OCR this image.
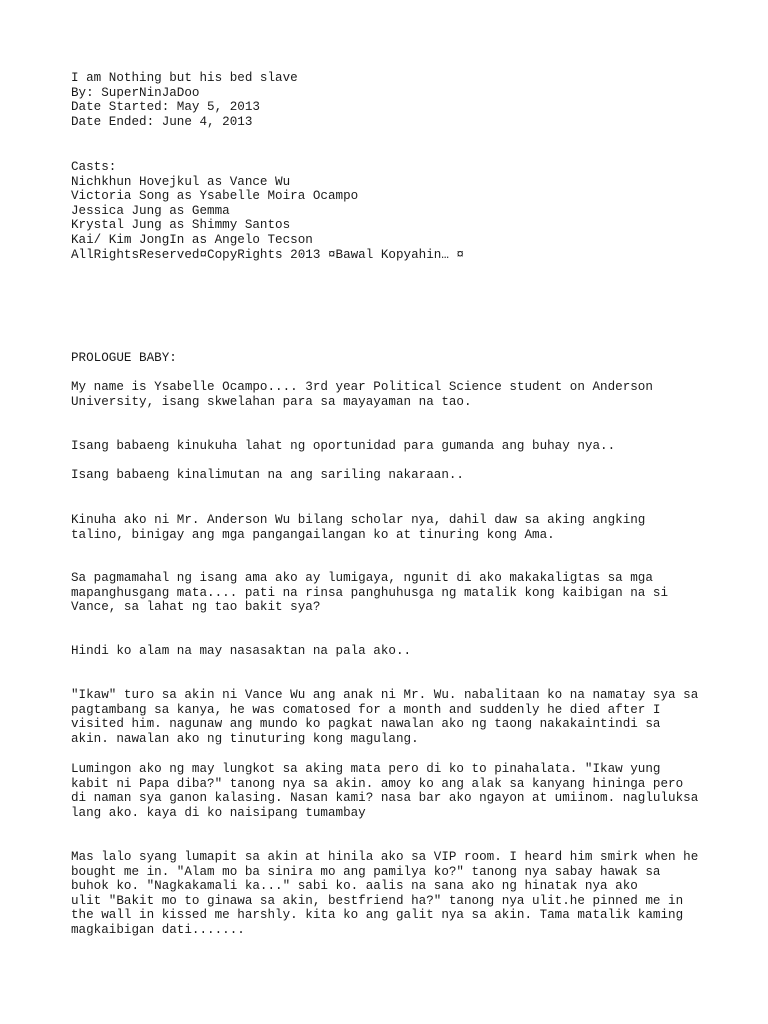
I am Nothing but his bed slave
By: SuperNinJaDoo
Date Started: May 5, 2013
Date Ended: June 4, 2013
Casts:
Nichkhun Hovejkul as Vance Wu
Victoria Song as Ysabelle Moira Ocampo
Jessica Jung as Gemma
Krystal Jung as Shimmy Santos
Kai/ Kim JongIn as Angelo Tecson
AllRightsReserved¤CopyRights 2013 ¤Bawal Kopyahin… ¤
PROLOGUE BABY:
My name is Ysabelle Ocampo.... 3rd year Political Science student on Anderson
University, isang skwelahan para sa mayayaman na tao.
Isang babaeng kinukuha lahat ng oportunidad para gumanda ang buhay nya..
Isang babaeng kinalimutan na ang sariling nakaraan..
Kinuha ako ni Mr. Anderson Wu bilang scholar nya, dahil daw sa aking angking
talino, binigay ang mga pangangailangan ko at tinuring kong Ama.
Sa pagmamahal ng isang ama ako ay lumigaya, ngunit di ako makakaligtas sa mga
mapanghusgang mata.... pati na rinsa panghuhusga ng matalik kong kaibigan na si
Vance, sa lahat ng tao bakit sya?
Hindi ko alam na may nasasaktan na pala ako..
"Ikaw" turo sa akin ni Vance Wu ang anak ni Mr. Wu. nabalitaan ko na namatay sya sa
pagtambang sa kanya, he was comatosed for a month and suddenly he died after I
visited him. nagunaw ang mundo ko pagkat nawalan ako ng taong nakakaintindi sa
akin. nawalan ako ng tinuturing kong magulang.
Lumingon ako ng may lungkot sa aking mata pero di ko to pinahalata. "Ikaw yung
kabit ni Papa diba?" tanong nya sa akin. amoy ko ang alak sa kanyang hininga pero
di naman sya ganon kalasing. Nasan kami? nasa bar ako ngayon at umiinom. nagluluksa
lang ako. kaya di ko naisipang tumambay
Mas lalo syang lumapit sa akin at hinila ako sa VIP room. I heard him smirk when he
bought me in. "Alam mo ba sinira mo ang pamilya ko?" tanong nya sabay hawak sa
buhok ko. "Nagkakamali ka..." sabi ko. aalis na sana ako ng hinatak nya ako
ulit "Bakit mo to ginawa sa akin, bestfriend ha?" tanong nya ulit.he pinned me in
the wall in kissed me harshly. kita ko ang galit nya sa akin. Tama matalik kaming
magkaibigan dati.......
